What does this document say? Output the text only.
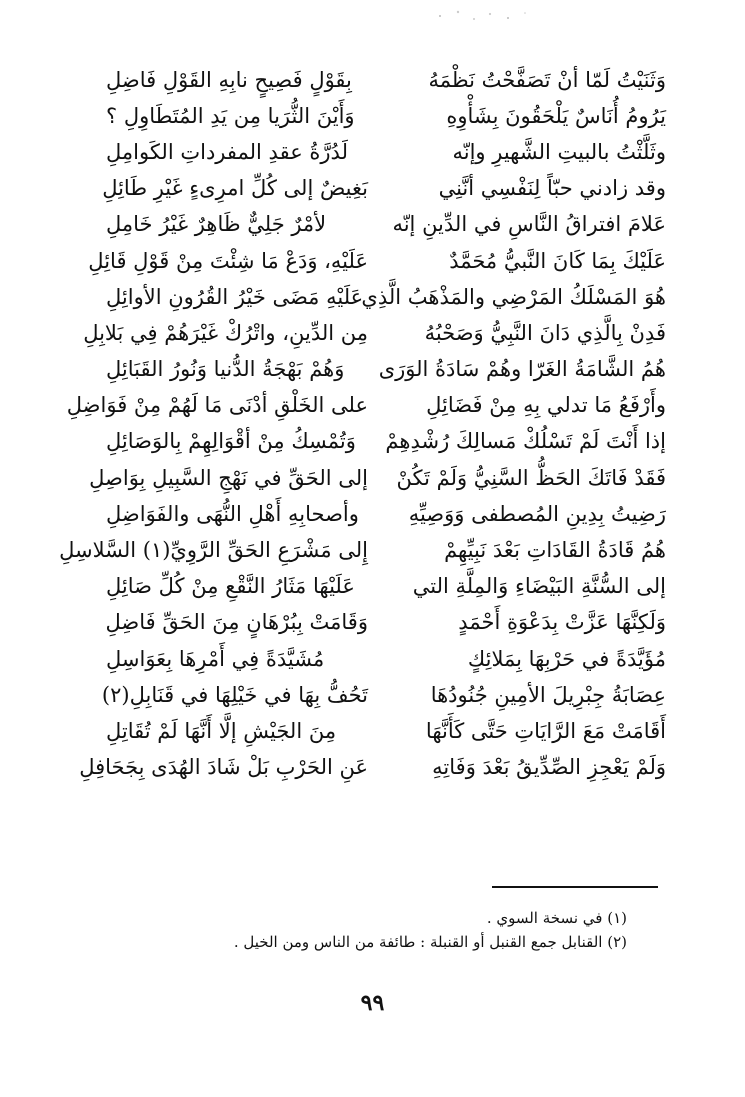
وَثَنَيْتُ لَمّا أنْ تَصَفَّحْتُ نَظْمَهُ
بِقَوْلٍ فَصِيحٍ نابِهِ القَوْلِ فَاضِلِ
يَرُومُ أُنَاسٌ يَلْحَقُونَ بِشَأْوِهِ
وَأَيْنَ الثُّرَيا مِن يَدِ المُتَطَاوِلِ ؟
وثَلَّثْتُ بالبيتِ الشَّهيرِ وإنّه
لَدُرَّةُ عقدِ المفرداتِ الكَوامِلِ
وقد زادني حبّاً لِنَفْسِي أنَّنِي
بَغِيضٌ إلى كُلِّ امرِىءٍ غَيْرِ طَائِلِ
عَلامَ افتراقُ النَّاسِ في الدِّينِ إنّه
لأمْرٌ جَلِيٌّ ظَاهِرٌ غَيْرُ خَامِلِ
عَلَيْكَ بِمَا كَانَ النَّبيُّ مُحَمَّدٌ
عَلَيْهِ، وَدَعْ مَا شِئْتَ مِنْ قَوْلِ قَائِلِ
هُوَ المَسْلَكُ المَرْضِي والمَذْهَبُ الَّذِي
عَلَيْهِ مَضَى خَيْرُ القُرُونِ الأوائِلِ
فَدِنْ بِالَّذِي دَانَ النَّبِيُّ وَصَحْبُهُ
مِن الدِّينِ، واتْرُكْ غَيْرَهُمْ فِي بَلابِلِ
هُمُ الشَّامَةُ الغَرّا وهُمْ سَادَةُ الوَرَى
وَهُمْ بَهْجَةُ الدُّنيا وَنُورُ القَبَائِلِ
وأَرْفَعُ مَا تدلي بِهِ مِنْ فَضَائِلِ
على الخَلْقِ أدْنَى مَا لَهُمْ مِنْ فَوَاضِلِ
إذا أَنْتَ لَمْ تَسْلُكْ مَسالِكَ رُشْدِهِمْ
وَتُمْسِكُ مِنْ أقْوَالِهِمْ بِالوَصَائِلِ
فَقَدْ فَاتَكَ الحَظُّ السَّنِيُّ وَلَمْ تَكُنْ
إلى الحَقِّ في نَهْجِ السَّبِيلِ بِوَاصِلِ
رَضِيتُ بِدِينِ المُصطفى وَوَصِيِّهِ
وأصحابِهِ أَهْلِ النُّهَى والفَوَاضِلِ
هُمُ قَادَةُ القَادَاتِ بَعْدَ نَبِيِّهِمْ
إِلى مَشْرَعِ الحَقِّ الرَّوِيِّ(١) السَّلاسِلِ
إلى السُّنَّةِ البَيْضَاءِ وَالمِلَّةِ التي
عَلَيْهَا مَثَارُ النَّقْعِ مِنْ كُلِّ صَائِلِ
وَلَكِنَّهَا عَزَّتْ بِدَعْوَةِ أَحْمَدٍ
وَقَامَتْ بِبُرْهَانٍ مِنَ الحَقِّ فَاضِلِ
مُؤَيَّدَةً في حَرْبِهَا بِمَلائِكٍ
مُشَيَّدَةً فِي أَمْرِهَا بِعَوَاسِلِ
عِصَابَةُ جِبْرِيلَ الأمِينِ جُنُودُهَا
تَحُفُّ بِهَا في خَيْلِهَا في قَنَابِلِ(٢)
أَقَامَتْ مَعَ الرَّايَاتِ حَتَّى كَأَنَّهَا
مِنَ الجَيْشِ إلَّا أَنَّهَا لَمْ تُقَاتِلِ
وَلَمْ يَعْجِزِ الصِّدِّيقُ بَعْدَ وَفَاتِهِ
عَنِ الحَرْبِ بَلْ شَادَ الهُدَى بِجَحَافِلِ
(١) في نسخة السوي .
(٢) القنابل جمع القنبل أو القنبلة : طائفة من الناس ومن الخيل .
٩٩
